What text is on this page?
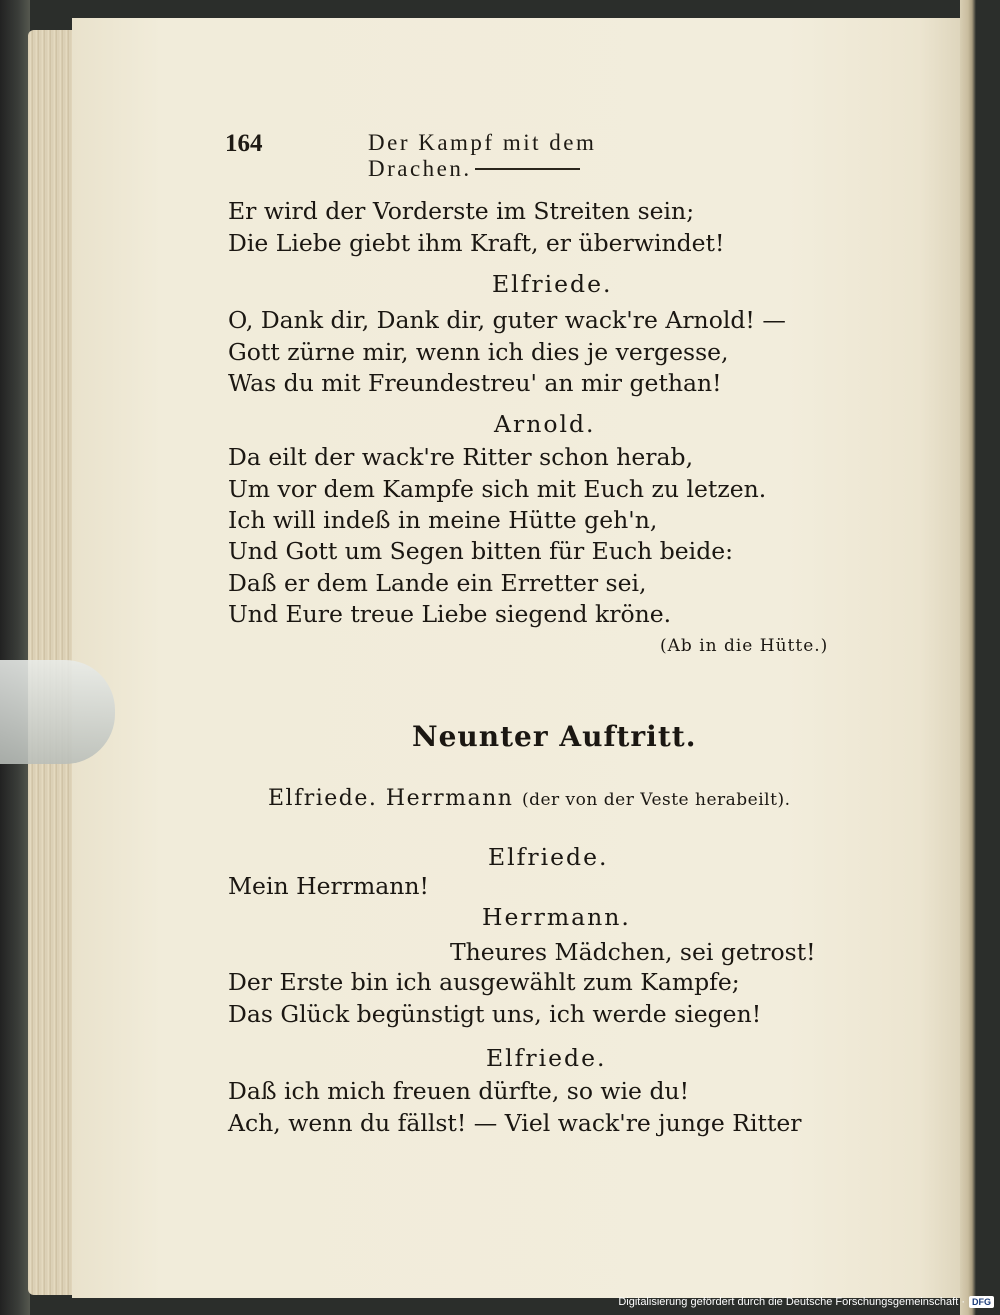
164	Der Kampf mit dem Drachen.
Er wird der Vorderste im Streiten sein;
Die Liebe giebt ihm Kraft, er überwindet!
Elfriede.
O, Dank dir, Dank dir, guter wack're Arnold! —
Gott zürne mir, wenn ich dies je vergesse,
Was du mit Freundestreu' an mir gethan!
Arnold.
Da eilt der wack're Ritter schon herab,
Um vor dem Kampfe sich mit Euch zu letzen.
Ich will indeß in meine Hütte geh'n,
Und Gott um Segen bitten für Euch beide:
Daß er dem Lande ein Erretter sei,
Und Eure treue Liebe siegend kröne.
(Ab in die Hütte.)
Neunter Auftritt.
Elfriede. Herrmann (der von der Veste herabeilt).
Elfriede.
Mein Herrmann!
Herrmann.
Theures Mädchen, sei getrost!
Der Erste bin ich ausgewählt zum Kampfe;
Das Glück begünstigt uns, ich werde siegen!
Elfriede.
Daß ich mich freuen dürfte, so wie du!
Ach, wenn du fällst! — Viel wack're junge Ritter
Digitalisierung gefördert durch die Deutsche Forschungsgemeinschaft · DFG
